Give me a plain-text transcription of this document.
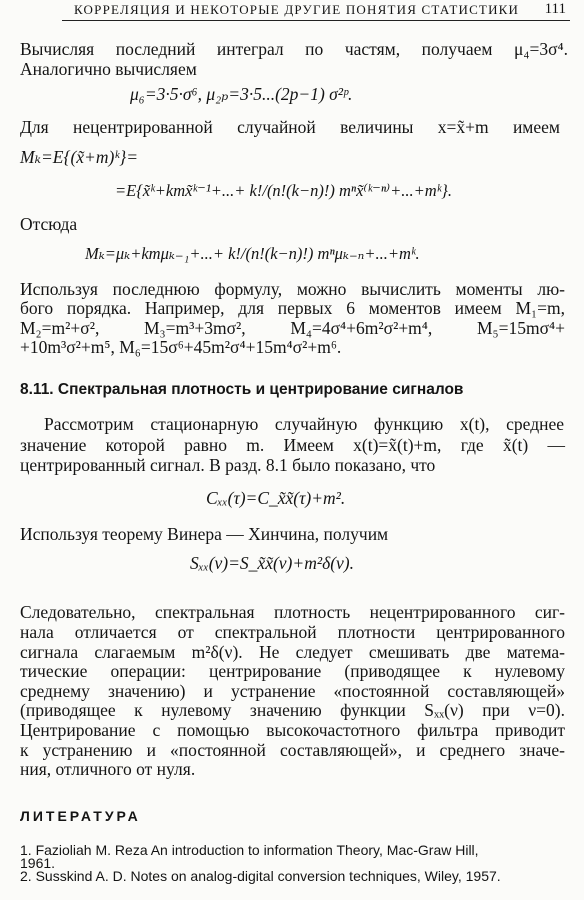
КОРРЕЛЯЦИЯ И НЕКОТОРЫЕ ДРУГИЕ ПОНЯТИЯ СТАТИСТИКИ 111
Вычисляя последний интеграл по частям, получаем μ₄=3σ⁴.
Аналогично вычисляем
μ₆=3·5·σ⁶, μ₂ₚ=3·5...(2p−1) σ²ᵖ.
Для нецентрированной случайной величины x=x̃+m имеем
Mₖ=E{(x̃+m)ᵏ}=
=E{x̃ᵏ+kmx̃ᵏ⁻¹+...+ k!/(n!(k−n)!) mⁿx̃⁽ᵏ⁻ⁿ⁾+...+mᵏ}.
Отсюда
Mₖ=μₖ+kmμₖ₋₁+...+ k!/(n!(k−n)!) mⁿμₖ₋ₙ+...+mᵏ.
Используя последнюю формулу, можно вычислить моменты лю-
бого порядка. Например, для первых 6 моментов имеем M₁=m,
M₂=m²+σ², M₃=m³+3mσ², M₄=4σ⁴+6m²σ²+m⁴, M₅=15mσ⁴+
+10m³σ²+m⁵, M₆=15σ⁶+45m²σ⁴+15m⁴σ²+m⁶.
8.11. Спектральная плотность и центрирование сигналов
Рассмотрим стационарную случайную функцию x(t), среднее
значение которой равно m. Имеем x(t)=x̃(t)+m, где x̃(t) —
центрированный сигнал. В разд. 8.1 было показано, что
Cₓₓ(τ)=C_x̃x̃(τ)+m².
Используя теорему Винера — Хинчина, получим
Sₓₓ(ν)=S_x̃x̃(ν)+m²δ(ν).
Следовательно, спектральная плотность нецентрированного сиг-
нала отличается от спектральной плотности центрированного
сигнала слагаемым m²δ(ν). Не следует смешивать две матема-
тические операции: центрирование (приводящее к нулевому
среднему значению) и устранение «постоянной составляющей»
(приводящее к нулевому значению функции Sₓₓ(ν) при ν=0).
Центрирование с помощью высокочастотного фильтра приводит
к устранению и «постоянной составляющей», и среднего значе-
ния, отличного от нуля.
ЛИТЕРАТУРА
1. Fazioliah M. Reza An introduction to information Theory, Mac-Graw Hill,
1961.
2. Susskind A. D. Notes on analog-digital conversion techniques, Wiley, 1957.
